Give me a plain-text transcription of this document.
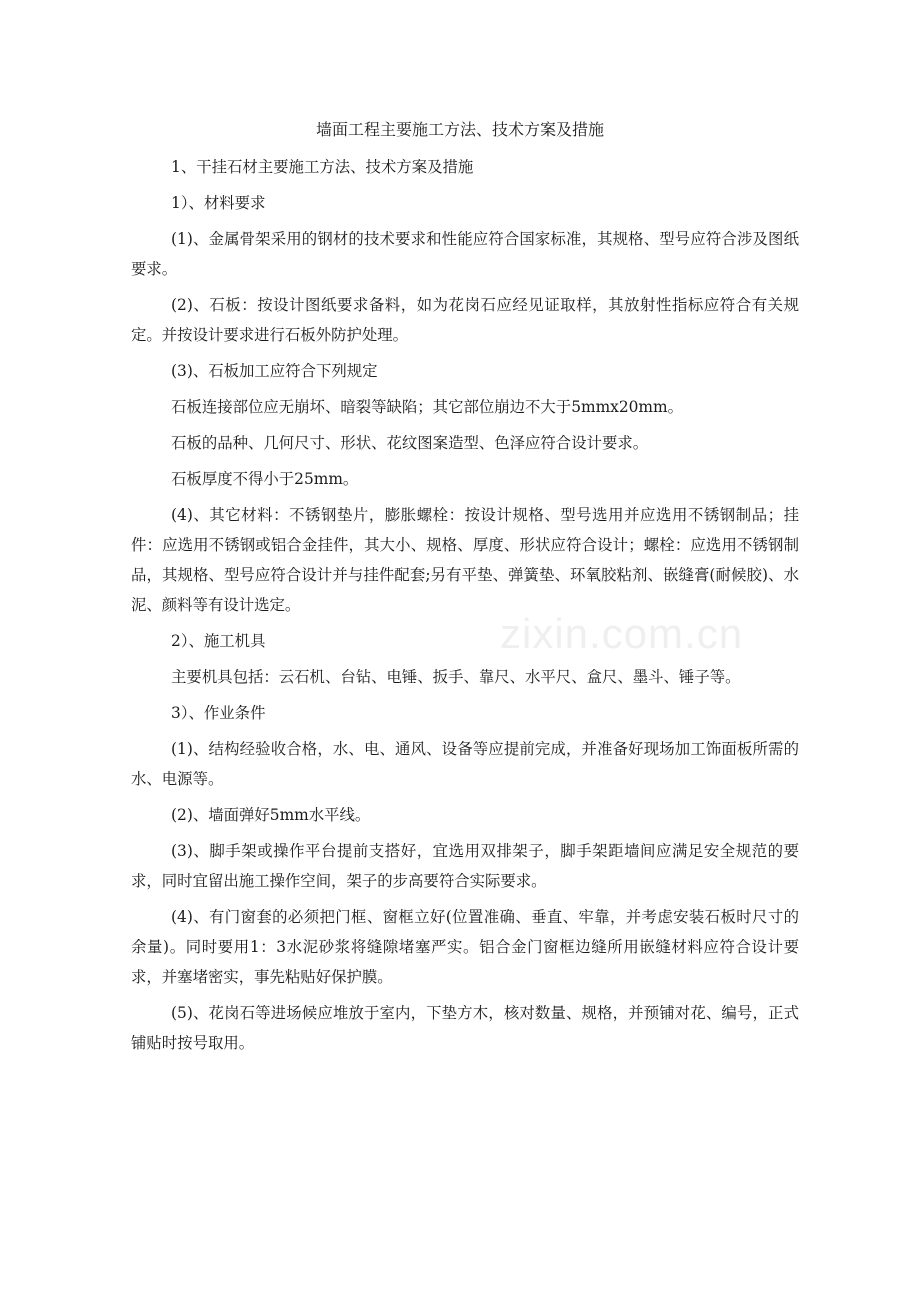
墙面工程主要施工方法、技术方案及措施

1、干挂石材主要施工方法、技术方案及措施

1）、材料要求

(1)、金属骨架采用的钢材的技术要求和性能应符合国家标准，其规格、型号应符合涉及图纸要求。

(2)、石板：按设计图纸要求备料，如为花岗石应经见证取样，其放射性指标应符合有关规定。并按设计要求进行石板外防护处理。

(3)、石板加工应符合下列规定

石板连接部位应无崩坏、暗裂等缺陷；其它部位崩边不大于5mmx20mm。

石板的品种、几何尺寸、形状、花纹图案造型、色泽应符合设计要求。

石板厚度不得小于25mm。

(4)、其它材料：不锈钢垫片，膨胀螺栓：按设计规格、型号选用并应选用不锈钢制品；挂件：应选用不锈钢或铝合金挂件，其大小、规格、厚度、形状应符合设计；螺栓：应选用不锈钢制品，其规格、型号应符合设计并与挂件配套;另有平垫、弹簧垫、环氧胶粘剂、嵌缝膏(耐候胶)、水泥、颜料等有设计选定。

2）、施工机具

主要机具包括：云石机、台钻、电锤、扳手、靠尺、水平尺、盒尺、墨斗、锤子等。

3）、作业条件

(1)、结构经验收合格，水、电、通风、设备等应提前完成，并准备好现场加工饰面板所需的水、电源等。

(2)、墙面弹好5mm水平线。

(3)、脚手架或操作平台提前支搭好，宜选用双排架子，脚手架距墙间应满足安全规范的要求，同时宜留出施工操作空间，架子的步高要符合实际要求。

(4)、有门窗套的必须把门框、窗框立好(位置准确、垂直、牢靠，并考虑安装石板时尺寸的余量)。同时要用1：3水泥砂浆将缝隙堵塞严实。铝合金门窗框边缝所用嵌缝材料应符合设计要求，并塞堵密实，事先粘贴好保护膜。

(5)、花岗石等进场候应堆放于室内，下垫方木，核对数量、规格，并预铺对花、编号，正式铺贴时按号取用。

zixin.com.cn
